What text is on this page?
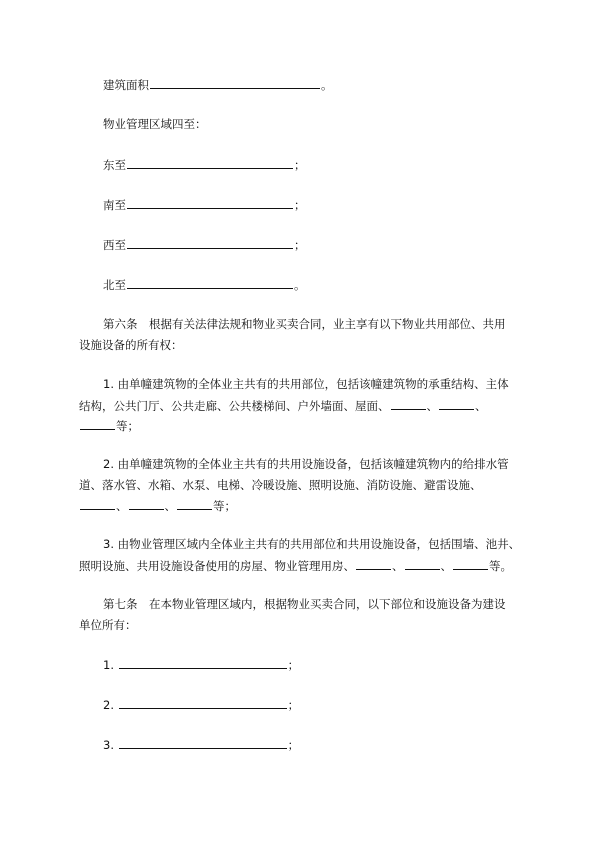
建筑面积	。
物业管理区域四至：
东至	；
南至	；
西至	；
北至	。
第六条　根据有关法律法规和物业买卖合同，业主享有以下物业共用部位、共用
设施设备的所有权：
1. 由单幢建筑物的全体业主共有的共用部位，包括该幢建筑物的承重结构、主体
结构，公共门厅、公共走廊、公共楼梯间、户外墙面、屋面、	、	、
等；
2. 由单幢建筑物的全体业主共有的共用设施设备，包括该幢建筑物内的给排水管
道、落水管、水箱、水泵、电梯、冷暖设施、照明设施、消防设施、避雷设施、
、	、	等；
3. 由物业管理区域内全体业主共有的共用部位和共用设施设备，包括围墙、池井、
照明设施、共用设施设备使用的房屋、物业管理用房、	、	、	等。
第七条　在本物业管理区域内，根据物业买卖合同，以下部位和设施设备为建设
单位所有：
1.	；
2.	；
3.	；
